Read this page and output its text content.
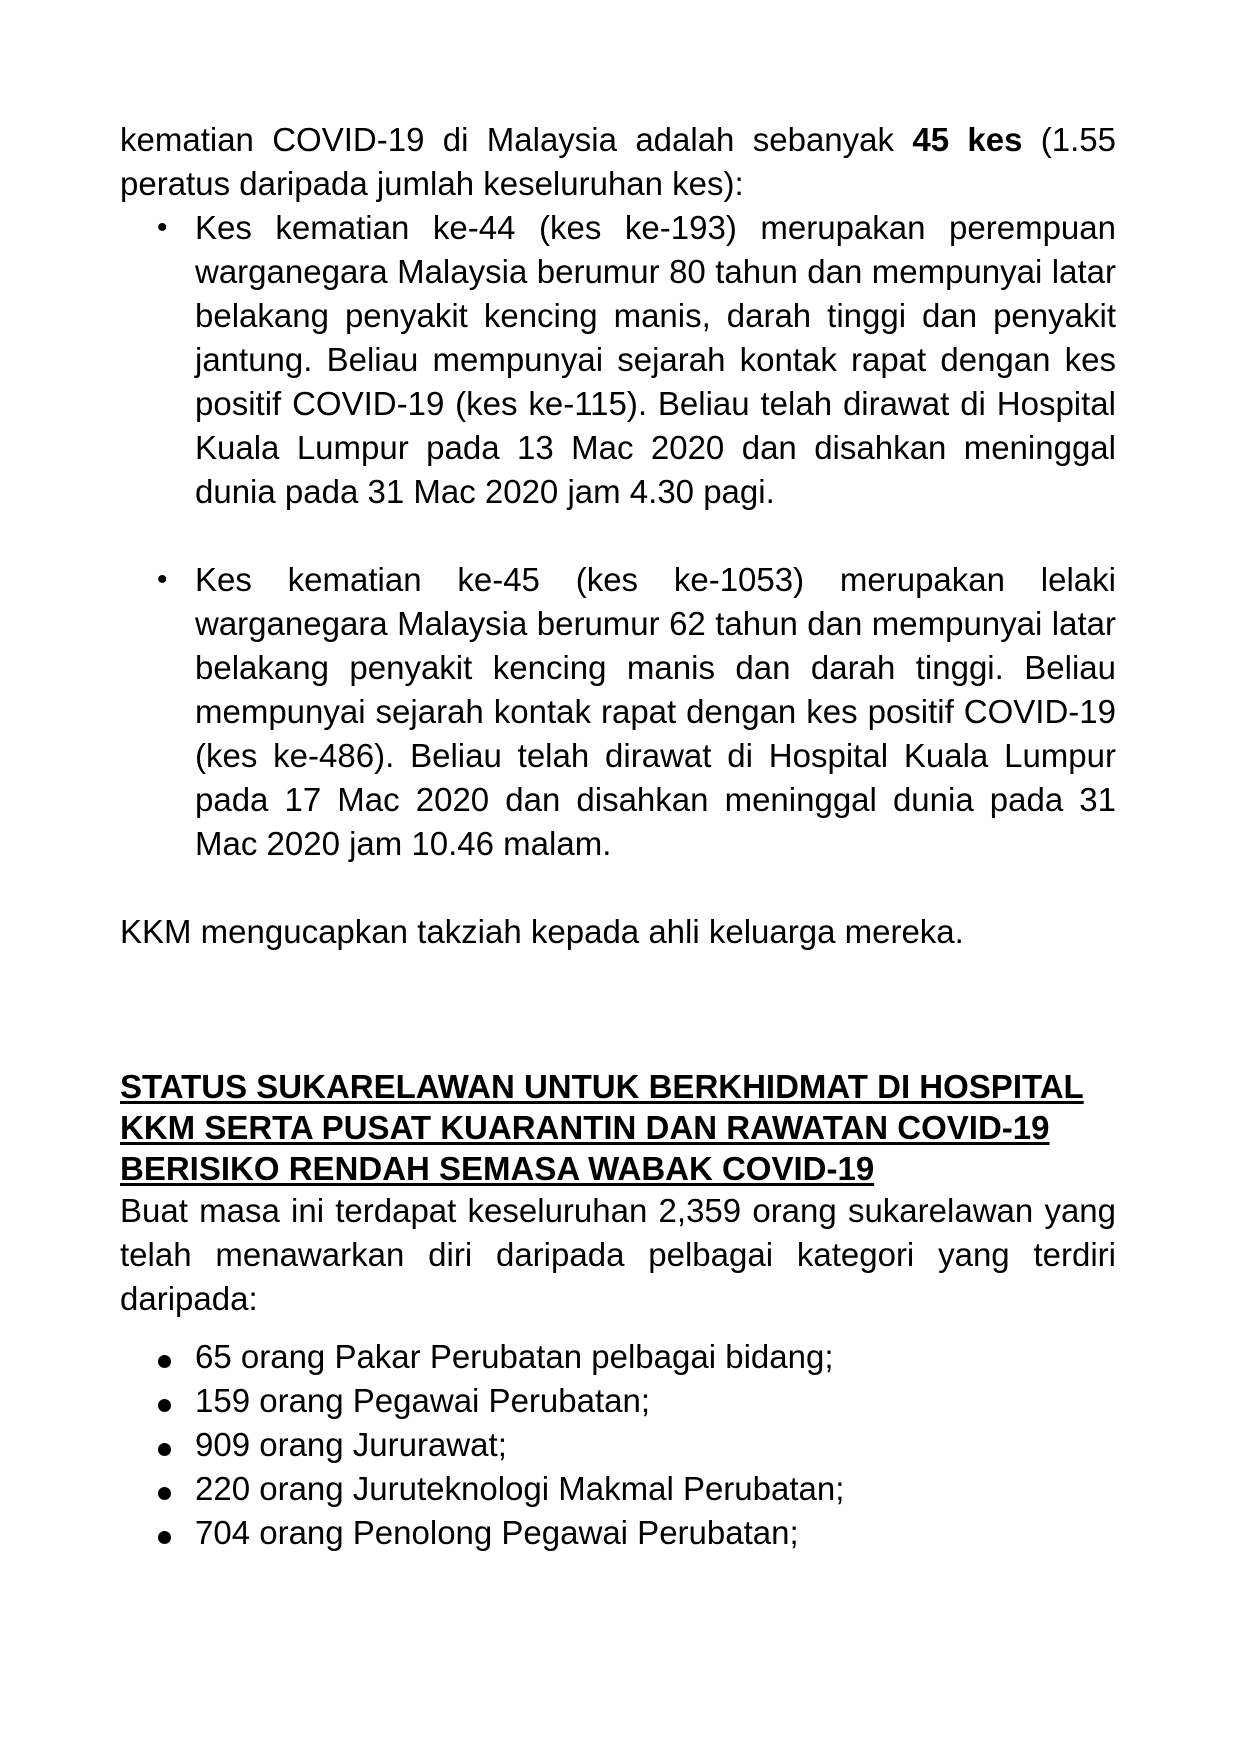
kematian COVID-19 di Malaysia adalah sebanyak 45 kes (1.55 peratus daripada jumlah keseluruhan kes):

• Kes kematian ke-44 (kes ke-193) merupakan perempuan warganegara Malaysia berumur 80 tahun dan mempunyai latar belakang penyakit kencing manis, darah tinggi dan penyakit jantung. Beliau mempunyai sejarah kontak rapat dengan kes positif COVID-19 (kes ke-115). Beliau telah dirawat di Hospital Kuala Lumpur pada 13 Mac 2020 dan disahkan meninggal dunia pada 31 Mac 2020 jam 4.30 pagi.
• Kes kematian ke-45 (kes ke-1053) merupakan lelaki warganegara Malaysia berumur 62 tahun dan mempunyai latar belakang penyakit kencing manis dan darah tinggi. Beliau mempunyai sejarah kontak rapat dengan kes positif COVID-19 (kes ke-486). Beliau telah dirawat di Hospital Kuala Lumpur pada 17 Mac 2020 dan disahkan meninggal dunia pada 31 Mac 2020 jam 10.46 malam.

KKM mengucapkan takziah kepada ahli keluarga mereka.

STATUS SUKARELAWAN UNTUK BERKHIDMAT DI HOSPITAL KKM SERTA PUSAT KUARANTIN DAN RAWATAN COVID-19 BERISIKO RENDAH SEMASA WABAK COVID-19

Buat masa ini terdapat keseluruhan 2,359 orang sukarelawan yang telah menawarkan diri daripada pelbagai kategori yang terdiri daripada:

65 orang Pakar Perubatan pelbagai bidang;
159 orang Pegawai Perubatan;
909 orang Jururawat;
220 orang Juruteknologi Makmal Perubatan;
704 orang Penolong Pegawai Perubatan;
